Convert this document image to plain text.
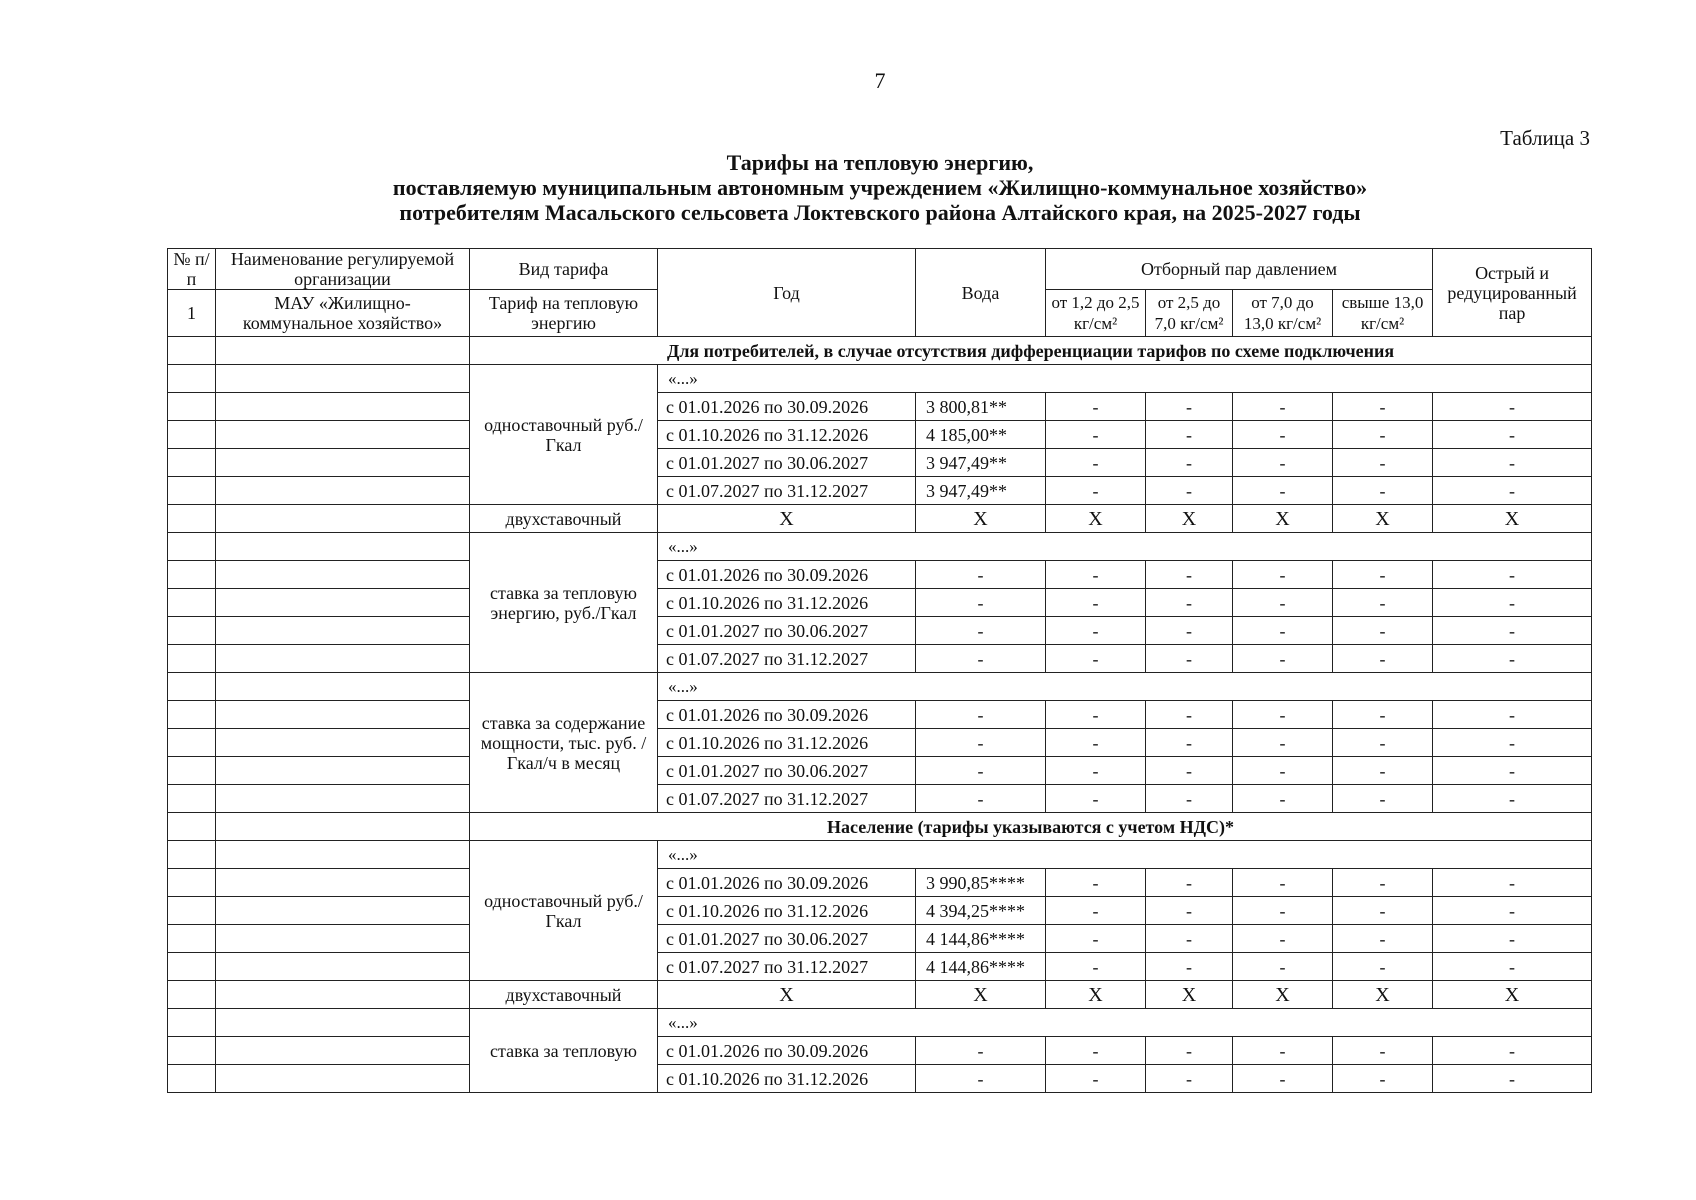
7
Таблица 3
Тарифы на тепловую энергию,
поставляемую муниципальным автономным учреждением «Жилищно-коммунальное хозяйство»
потребителям Масальского сельсовета Локтевского района Алтайского края, на 2025-2027 годы
№ п/п	Наименование регулируемой организации	Вид тарифа	Год	Вода	Отборный пар давлением				Острый и редуцированный пар
1	МАУ «Жилищно-коммунальное хозяйство»	Тариф на тепловую энергию			от 1,2 до 2,5 кг/см²	от 2,5 до 7,0 кг/см²	от 7,0 до 13,0 кг/см²	свыше 13,0 кг/см²	
		Для потребителей, в случае отсутствия дифференциации тарифов по схеме подключения							
		одноставочный руб./Гкал	«...»						
			с 01.01.2026 по 30.09.2026	3 800,81**	-	-	-	-	-
			с 01.10.2026 по 31.12.2026	4 185,00**	-	-	-	-	-
			с 01.01.2027 по 30.06.2027	3 947,49**	-	-	-	-	-
			с 01.07.2027 по 31.12.2027	3 947,49**	-	-	-	-	-
		двухставочный	X	X	X	X	X	X	X
		ставка за тепловую энергию, руб./Гкал	«...»						
			с 01.01.2026 по 30.09.2026	-	-	-	-	-	-
			с 01.10.2026 по 31.12.2026	-	-	-	-	-	-
			с 01.01.2027 по 30.06.2027	-	-	-	-	-	-
			с 01.07.2027 по 31.12.2027	-	-	-	-	-	-
		ставка за содержание мощности, тыс. руб. /Гкал/ч в месяц	«...»						
			с 01.01.2026 по 30.09.2026	-	-	-	-	-	-
			с 01.10.2026 по 31.12.2026	-	-	-	-	-	-
			с 01.01.2027 по 30.06.2027	-	-	-	-	-	-
			с 01.07.2027 по 31.12.2027	-	-	-	-	-	-
		Население (тарифы указываются с учетом НДС)*							
		одноставочный руб./Гкал	«...»						
			с 01.01.2026 по 30.09.2026	3 990,85****	-	-	-	-	-
			с 01.10.2026 по 31.12.2026	4 394,25****	-	-	-	-	-
			с 01.01.2027 по 30.06.2027	4 144,86****	-	-	-	-	-
			с 01.07.2027 по 31.12.2027	4 144,86****	-	-	-	-	-
		двухставочный	X	X	X	X	X	X	X
		ставка за тепловую	«...»						
			с 01.01.2026 по 30.09.2026	-	-	-	-	-	-
			с 01.10.2026 по 31.12.2026	-	-	-	-	-	-
